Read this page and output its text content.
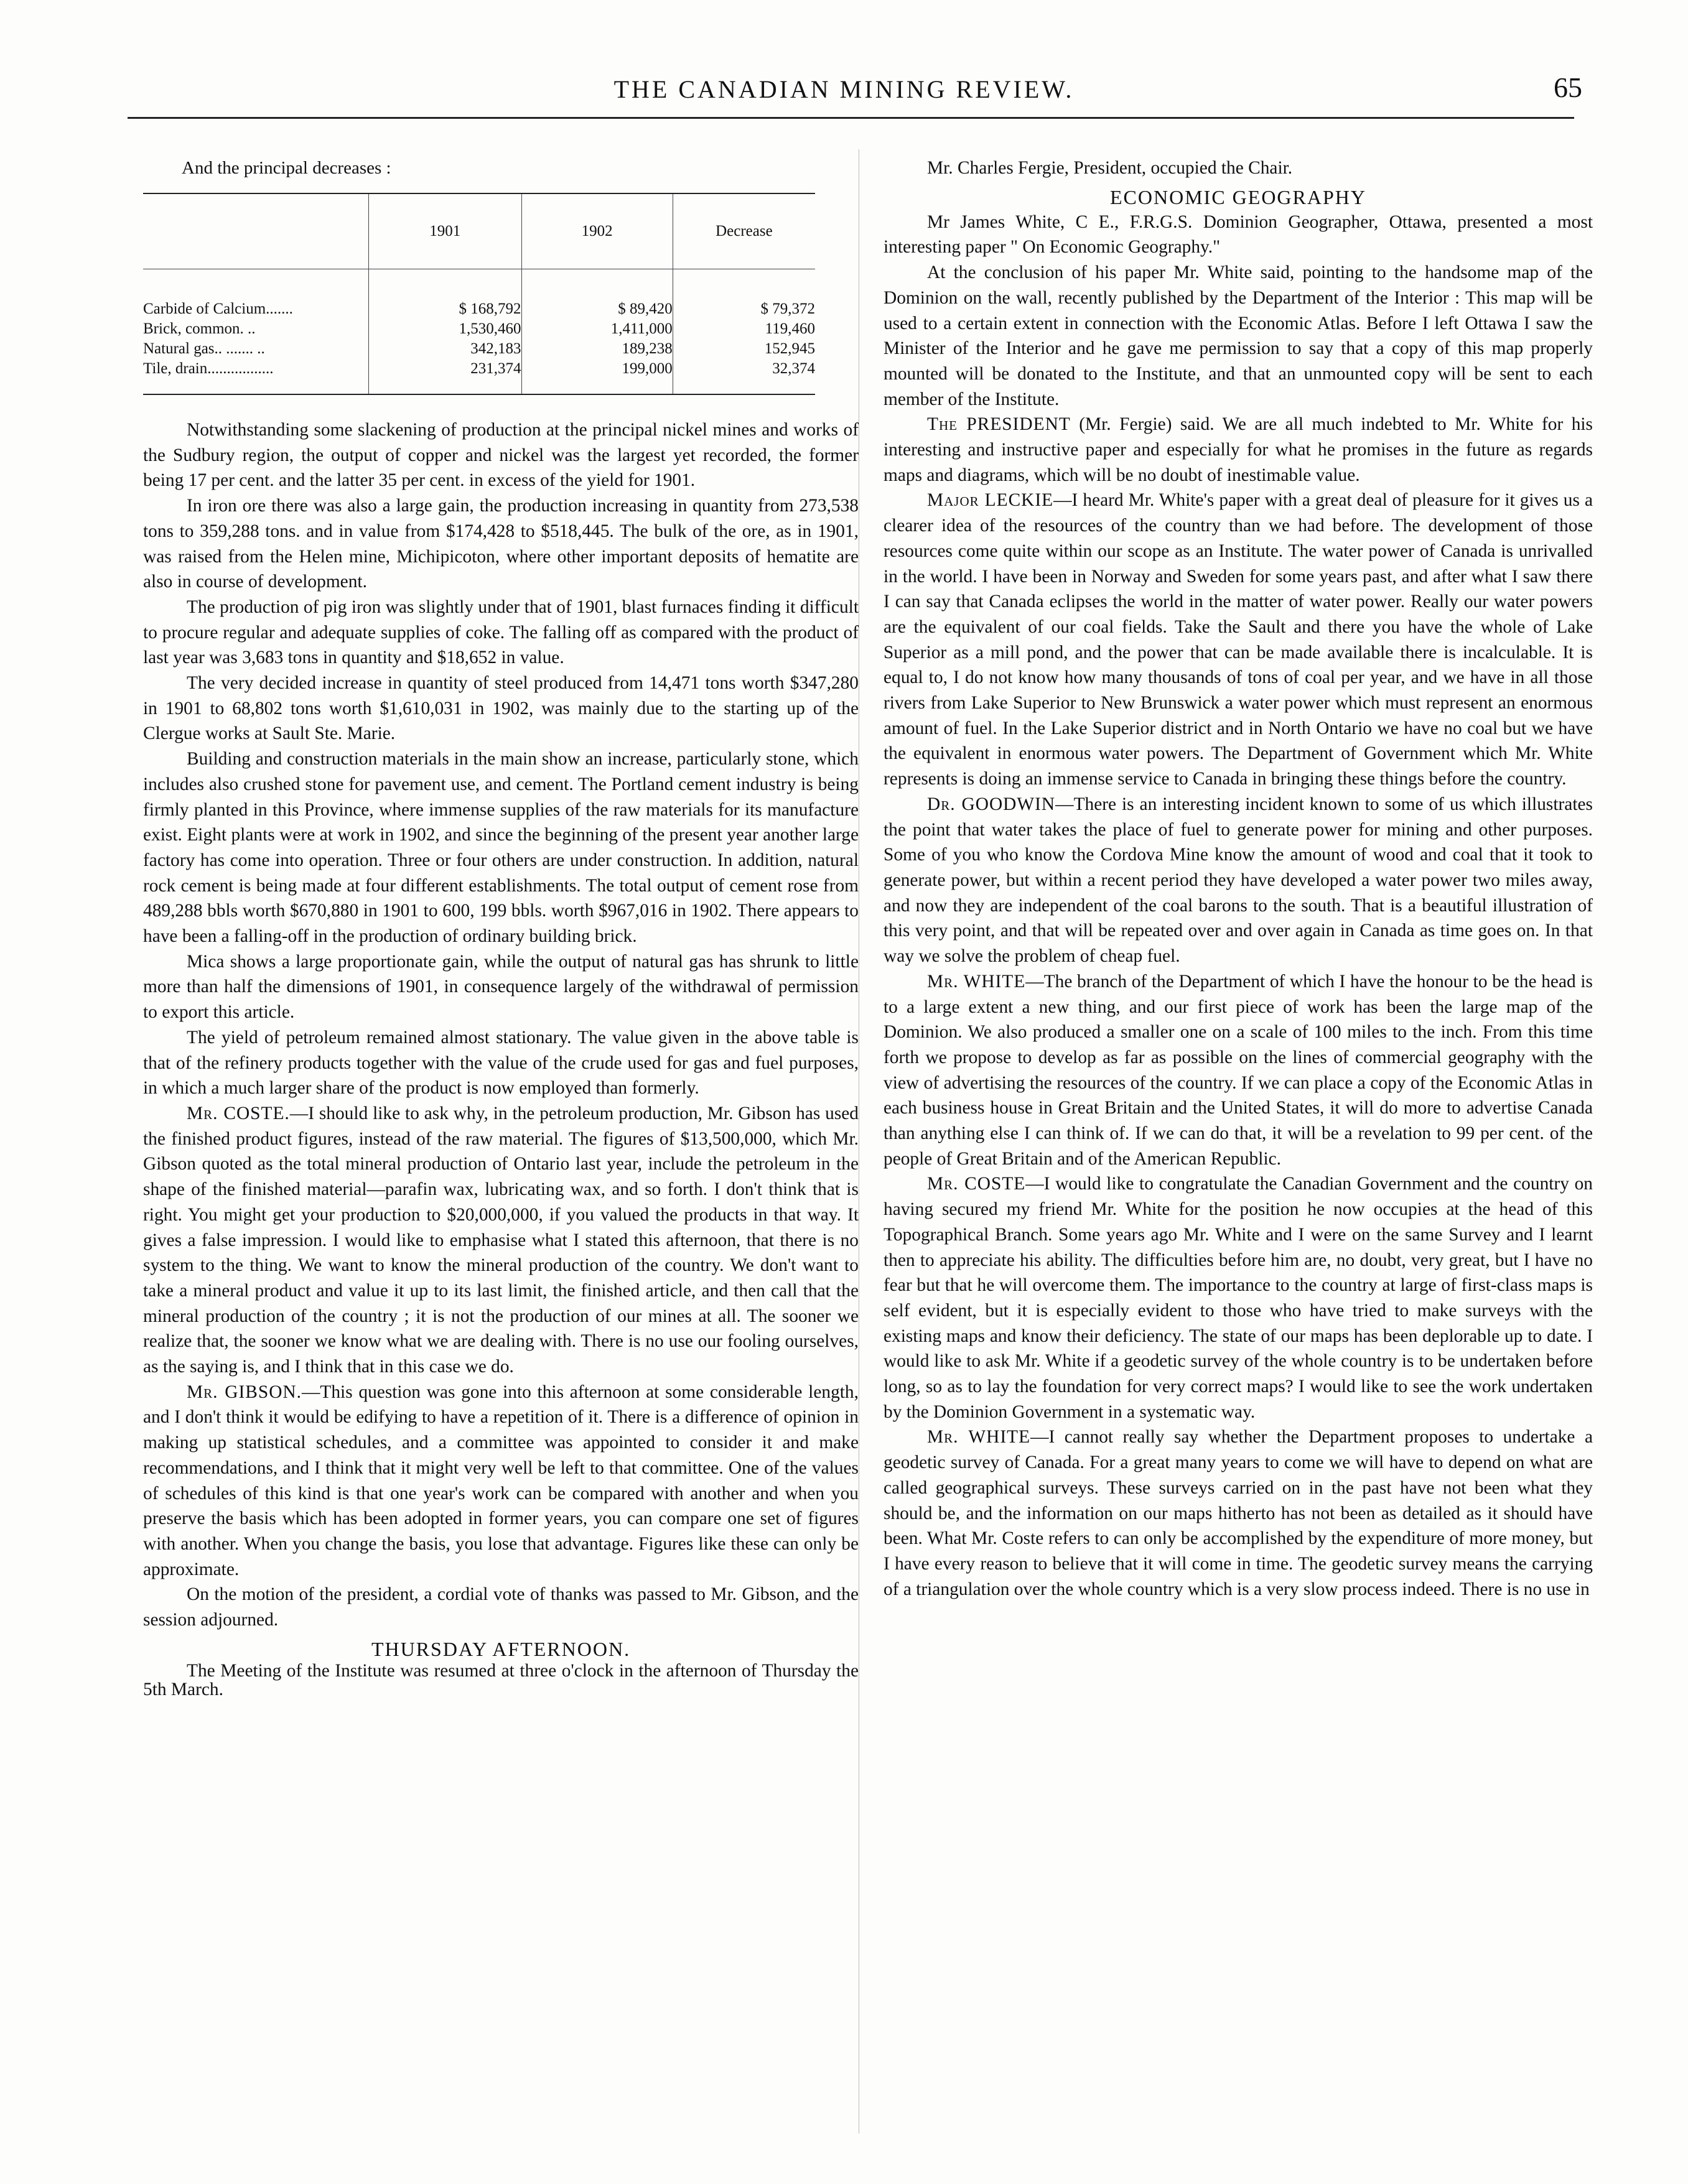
THE CANADIAN MINING REVIEW.	65
And the principal decreases :
	1901	1902	Decrease
Carbide of Calcium.......	$ 168,792	$ 89,420	$ 79,372
Brick, common. ..	1,530,460	1,411,000	119,460
Natural gas.. ....... ..	342,183	189,238	152,945
Tile, drain.................	231,374	199,000	32,374

Notwithstanding some slackening of production at the principal nickel mines and works of the Sudbury region, the output of copper and nickel was the largest yet recorded, the former being 17 per cent. and the latter 35 per cent. in excess of the yield for 1901.

In iron ore there was also a large gain, the production increasing in quantity from 273,538 tons to 359,288 tons. and in value from $174,428 to $518,445. The bulk of the ore, as in 1901, was raised from the Helen mine, Michipicoton, where other important deposits of hematite are also in course of development.

The production of pig iron was slightly under that of 1901, blast furnaces finding it difficult to procure regular and adequate supplies of coke. The falling off as compared with the product of last year was 3,683 tons in quantity and $18,652 in value.

The very decided increase in quantity of steel produced from 14,471 tons worth $347,280 in 1901 to 68,802 tons worth $1,610,031 in 1902, was mainly due to the starting up of the Clergue works at Sault Ste. Marie.

Building and construction materials in the main show an increase, particularly stone, which includes also crushed stone for pavement use, and cement. The Portland cement industry is being firmly planted in this Province, where immense supplies of the raw materials for its manufacture exist. Eight plants were at work in 1902, and since the beginning of the present year another large factory has come into operation. Three or four others are under construction. In addition, natural rock cement is being made at four different establishments. The total output of cement rose from 489,288 bbls worth $670,880 in 1901 to 600, 199 bbls. worth $967,016 in 1902. There appears to have been a falling-off in the production of ordinary building brick.

Mica shows a large proportionate gain, while the output of natural gas has shrunk to little more than half the dimensions of 1901, in consequence largely of the withdrawal of permission to export this article.

The yield of petroleum remained almost stationary. The value given in the above table is that of the refinery products together with the value of the crude used for gas and fuel purposes, in which a much larger share of the product is now employed than formerly.

Mr. COSTE.—I should like to ask why, in the petroleum production, Mr. Gibson has used the finished product figures, instead of the raw material. The figures of $13,500,000, which Mr. Gibson quoted as the total mineral production of Ontario last year, include the petroleum in the shape of the finished material—parafin wax, lubricating wax, and so forth. I don't think that is right. You might get your production to $20,000,000, if you valued the products in that way. It gives a false impression. I would like to emphasise what I stated this afternoon, that there is no system to the thing. We want to know the mineral production of the country. We don't want to take a mineral product and value it up to its last limit, the finished article, and then call that the mineral production of the country ; it is not the production of our mines at all. The sooner we realize that, the sooner we know what we are dealing with. There is no use our fooling ourselves, as the saying is, and I think that in this case we do.

Mr. GIBSON.—This question was gone into this afternoon at some considerable length, and I don't think it would be edifying to have a repetition of it. There is a difference of opinion in making up statistical schedules, and a committee was appointed to consider it and make recommendations, and I think that it might very well be left to that committee. One of the values of schedules of this kind is that one year's work can be compared with another and when you preserve the basis which has been adopted in former years, you can compare one set of figures with another. When you change the basis, you lose that advantage. Figures like these can only be approximate.

On the motion of the president, a cordial vote of thanks was passed to Mr. Gibson, and the session adjourned.

THURSDAY AFTERNOON.

The Meeting of the Institute was resumed at three o'clock in the afternoon of Thursday the 5th March.

Mr. Charles Fergie, President, occupied the Chair.

ECONOMIC GEOGRAPHY

Mr James White, C E., F.R.G.S. Dominion Geographer, Ottawa, presented a most interesting paper " On Economic Geography."

At the conclusion of his paper Mr. White said, pointing to the handsome map of the Dominion on the wall, recently published by the Department of the Interior : This map will be used to a certain extent in connection with the Economic Atlas. Before I left Ottawa I saw the Minister of the Interior and he gave me permission to say that a copy of this map properly mounted will be donated to the Institute, and that an unmounted copy will be sent to each member of the Institute.

The PRESIDENT (Mr. Fergie) said. We are all much indebted to Mr. White for his interesting and instructive paper and especially for what he promises in the future as regards maps and diagrams, which will be no doubt of inestimable value.

Major LECKIE—I heard Mr. White's paper with a great deal of pleasure for it gives us a clearer idea of the resources of the country than we had before. The development of those resources come quite within our scope as an Institute. The water power of Canada is unrivalled in the world. I have been in Norway and Sweden for some years past, and after what I saw there I can say that Canada eclipses the world in the matter of water power. Really our water powers are the equivalent of our coal fields. Take the Sault and there you have the whole of Lake Superior as a mill pond, and the power that can be made available there is incalculable. It is equal to, I do not know how many thousands of tons of coal per year, and we have in all those rivers from Lake Superior to New Brunswick a water power which must represent an enormous amount of fuel. In the Lake Superior district and in North Ontario we have no coal but we have the equivalent in enormous water powers. The Department of Government which Mr. White represents is doing an immense service to Canada in bringing these things before the country.

Dr. GOODWIN—There is an interesting incident known to some of us which illustrates the point that water takes the place of fuel to generate power for mining and other purposes. Some of you who know the Cordova Mine know the amount of wood and coal that it took to generate power, but within a recent period they have developed a water power two miles away, and now they are independent of the coal barons to the south. That is a beautiful illustration of this very point, and that will be repeated over and over again in Canada as time goes on. In that way we solve the problem of cheap fuel.

Mr. WHITE—The branch of the Department of which I have the honour to be the head is to a large extent a new thing, and our first piece of work has been the large map of the Dominion. We also produced a smaller one on a scale of 100 miles to the inch. From this time forth we propose to develop as far as possible on the lines of commercial geography with the view of advertising the resources of the country. If we can place a copy of the Economic Atlas in each business house in Great Britain and the United States, it will do more to advertise Canada than anything else I can think of. If we can do that, it will be a revelation to 99 per cent. of the people of Great Britain and of the American Republic.

Mr. COSTE—I would like to congratulate the Canadian Government and the country on having secured my friend Mr. White for the position he now occupies at the head of this Topographical Branch. Some years ago Mr. White and I were on the same Survey and I learnt then to appreciate his ability. The difficulties before him are, no doubt, very great, but I have no fear but that he will overcome them. The importance to the country at large of first-class maps is self evident, but it is especially evident to those who have tried to make surveys with the existing maps and know their deficiency. The state of our maps has been deplorable up to date. I would like to ask Mr. White if a geodetic survey of the whole country is to be undertaken before long, so as to lay the foundation for very correct maps? I would like to see the work undertaken by the Dominion Government in a systematic way.

Mr. WHITE—I cannot really say whether the Department proposes to undertake a geodetic survey of Canada. For a great many years to come we will have to depend on what are called geographical surveys. These surveys carried on in the past have not been what they should be, and the information on our maps hitherto has not been as detailed as it should have been. What Mr. Coste refers to can only be accomplished by the expenditure of more money, but I have every reason to believe that it will come in time. The geodetic survey means the carrying of a triangulation over the whole country which is a very slow process indeed. There is no use in
